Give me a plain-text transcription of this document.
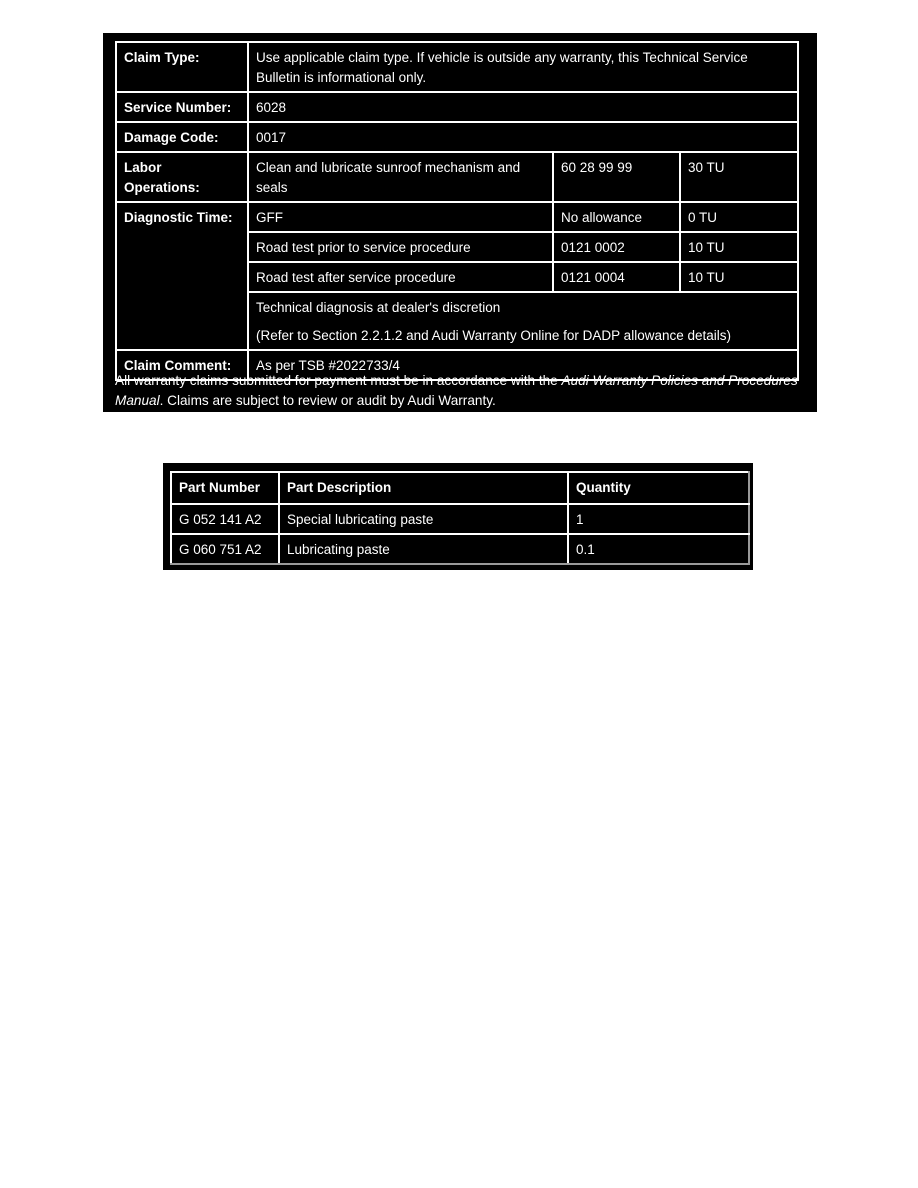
Claim Type:	Use applicable claim type. If vehicle is outside any warranty, this Technical Service Bulletin is informational only.		
Service Number:	6028		
Damage Code:	0017		
Labor Operations:	Clean and lubricate sunroof mechanism and seals	60 28 99 99	30 TU
Diagnostic Time:	GFF	No allowance	0 TU
	Road test prior to service procedure	0121 0002	10 TU
	Road test after service procedure	0121 0004	10 TU

	Technical diagnosis at dealer's discretion
(Refer to Section 2.2.1.2 and Audi Warranty Online for DADP allowance details)		

Claim Comment:	As per TSB #2022733/4		

All warranty claims submitted for payment must be in accordance with the Audi Warranty Policies and Procedures Manual. Claims are subject to review or audit by Audi Warranty.

Part Number	Part Description	Quantity
G 052 141 A2	Special lubricating paste	1
G 060 751 A2	Lubricating paste	0.1
